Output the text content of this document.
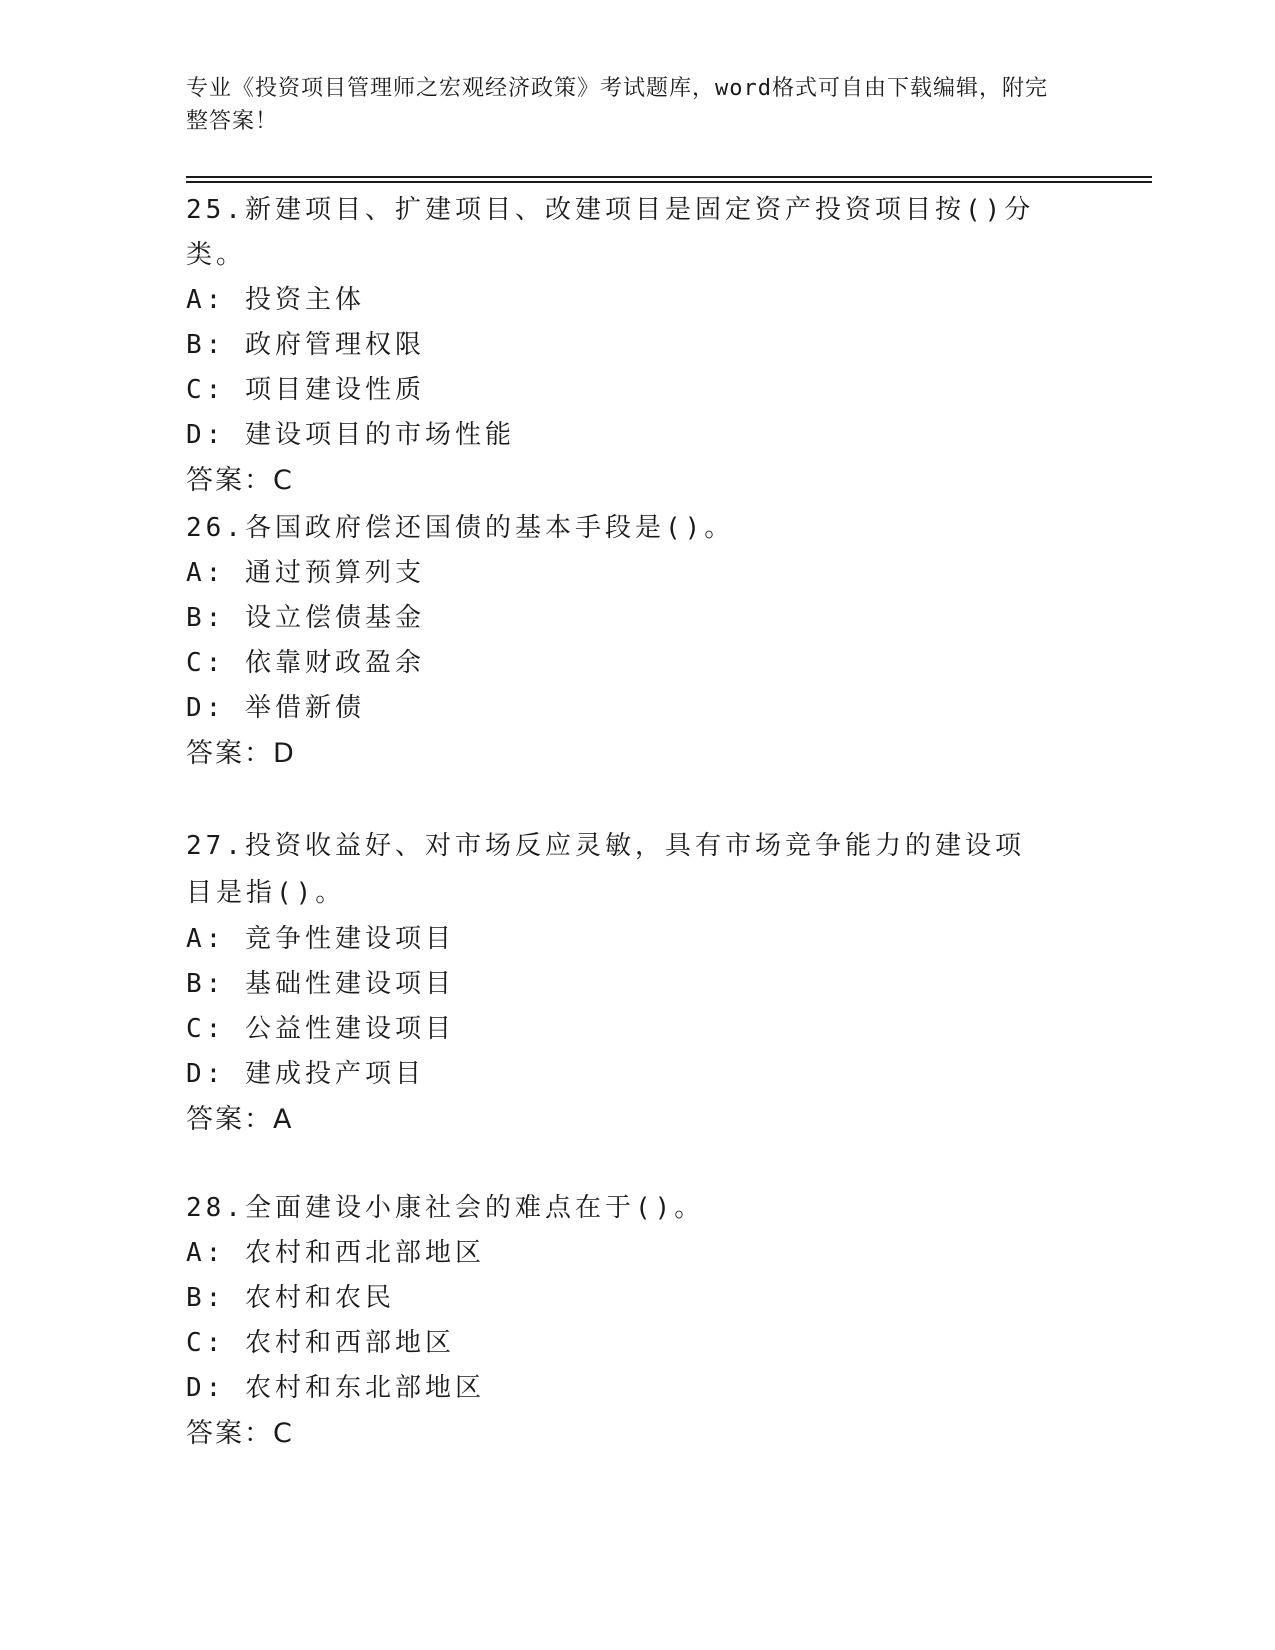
专业《投资项目管理师之宏观经济政策》考试题库，word格式可自由下载编辑，附完整答案！
25.新建项目、扩建项目、改建项目是固定资产投资项目按()分类。
A: 投资主体
B: 政府管理权限
C: 项目建设性质
D: 建设项目的市场性能
答案：C
26.各国政府偿还国债的基本手段是()。
A: 通过预算列支
B: 设立偿债基金
C: 依靠财政盈余
D: 举借新债
答案：D
27.投资收益好、对市场反应灵敏，具有市场竞争能力的建设项目是指()。
A: 竞争性建设项目
B: 基础性建设项目
C: 公益性建设项目
D: 建成投产项目
答案：A
28.全面建设小康社会的难点在于()。
A: 农村和西北部地区
B: 农村和农民
C: 农村和西部地区
D: 农村和东北部地区
答案：C
